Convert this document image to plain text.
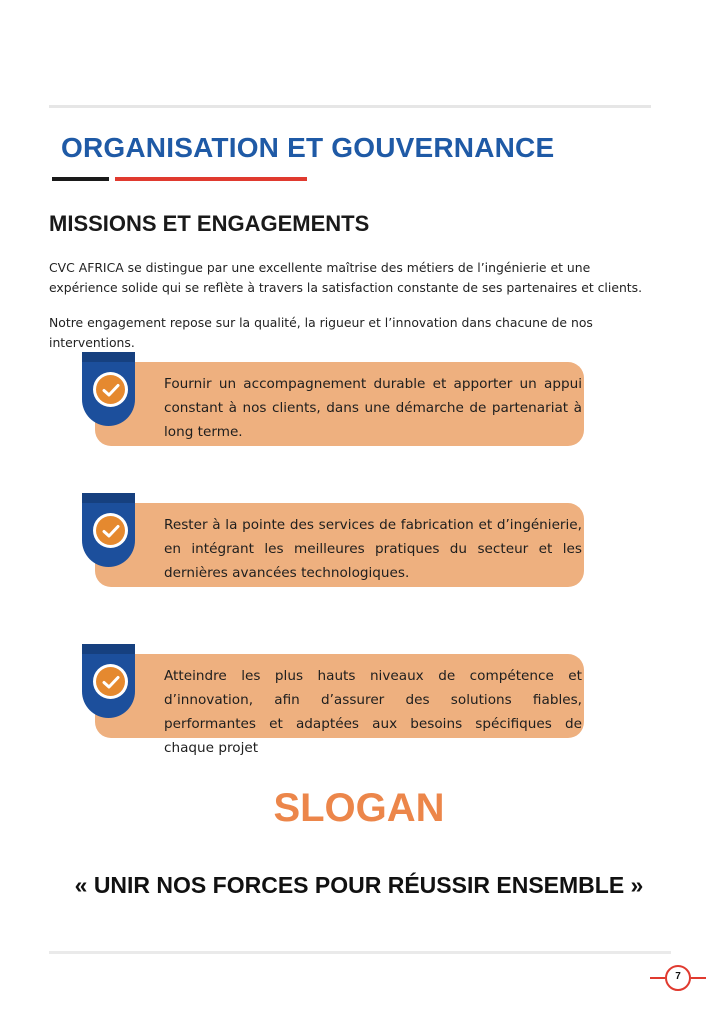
ORGANISATION ET GOUVERNANCE
MISSIONS ET ENGAGEMENTS

CVC AFRICA se distingue par une excellente maîtrise des métiers de l’ingénierie et une expérience solide qui se reflète à travers la satisfaction constante de ses partenaires et clients.

Notre engagement repose sur la qualité, la rigueur et l’innovation dans chacune de nos interventions.

Fournir un accompagnement durable et apporter un appui constant à nos clients, dans une démarche de partenariat à long terme.

Rester à la pointe des services de fabrication et d’ingénierie, en intégrant les meilleures pratiques du secteur et les dernières avancées technologiques.

Atteindre les plus hauts niveaux de compétence et d’innovation, afin d’assurer des solutions fiables, performantes et adaptées aux besoins spécifiques de chaque projet

SLOGAN

« UNIR NOS FORCES POUR RÉUSSIR ENSEMBLE »

7
